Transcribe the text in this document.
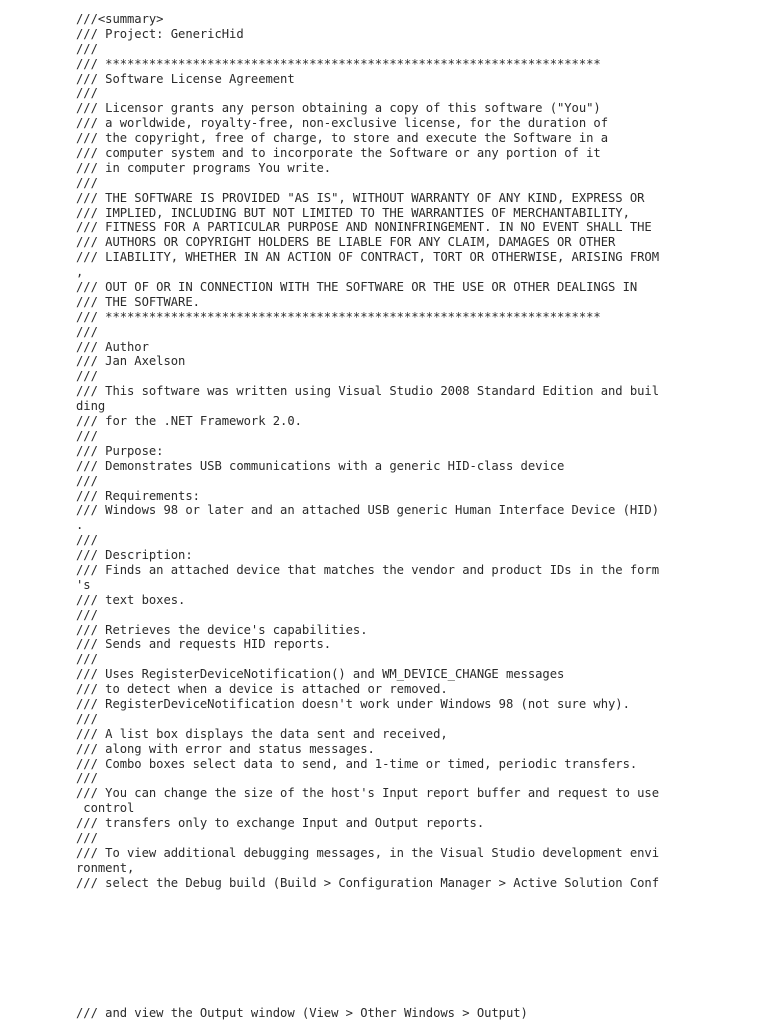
///<summary>
/// Project: GenericHid
///
/// ********************************************************************
/// Software License Agreement
///
/// Licensor grants any person obtaining a copy of this software ("You")
/// a worldwide, royalty-free, non-exclusive license, for the duration of
/// the copyright, free of charge, to store and execute the Software in a
/// computer system and to incorporate the Software or any portion of it
/// in computer programs You write.
///
/// THE SOFTWARE IS PROVIDED "AS IS", WITHOUT WARRANTY OF ANY KIND, EXPRESS OR
/// IMPLIED, INCLUDING BUT NOT LIMITED TO THE WARRANTIES OF MERCHANTABILITY,
/// FITNESS FOR A PARTICULAR PURPOSE AND NONINFRINGEMENT. IN NO EVENT SHALL THE
/// AUTHORS OR COPYRIGHT HOLDERS BE LIABLE FOR ANY CLAIM, DAMAGES OR OTHER
/// LIABILITY, WHETHER IN AN ACTION OF CONTRACT, TORT OR OTHERWISE, ARISING FROM
,
/// OUT OF OR IN CONNECTION WITH THE SOFTWARE OR THE USE OR OTHER DEALINGS IN
/// THE SOFTWARE.
/// ********************************************************************
///
/// Author
/// Jan Axelson
///
/// This software was written using Visual Studio 2008 Standard Edition and buil
ding
/// for the .NET Framework 2.0.
///
/// Purpose:
/// Demonstrates USB communications with a generic HID-class device
///
/// Requirements:
/// Windows 98 or later and an attached USB generic Human Interface Device (HID)
.
///
/// Description:
/// Finds an attached device that matches the vendor and product IDs in the form
's
/// text boxes.
///
/// Retrieves the device's capabilities.
/// Sends and requests HID reports.
///
/// Uses RegisterDeviceNotification() and WM_DEVICE_CHANGE messages
/// to detect when a device is attached or removed.
/// RegisterDeviceNotification doesn't work under Windows 98 (not sure why).
///
/// A list box displays the data sent and received,
/// along with error and status messages.
/// Combo boxes select data to send, and 1-time or timed, periodic transfers.
///
/// You can change the size of the host's Input report buffer and request to use
control
/// transfers only to exchange Input and Output reports.
///
/// To view additional debugging messages, in the Visual Studio development envi
ronment,
/// select the Debug build (Build > Configuration Manager > Active Solution Conf
/// and view the Output window (View > Other Windows > Output)
